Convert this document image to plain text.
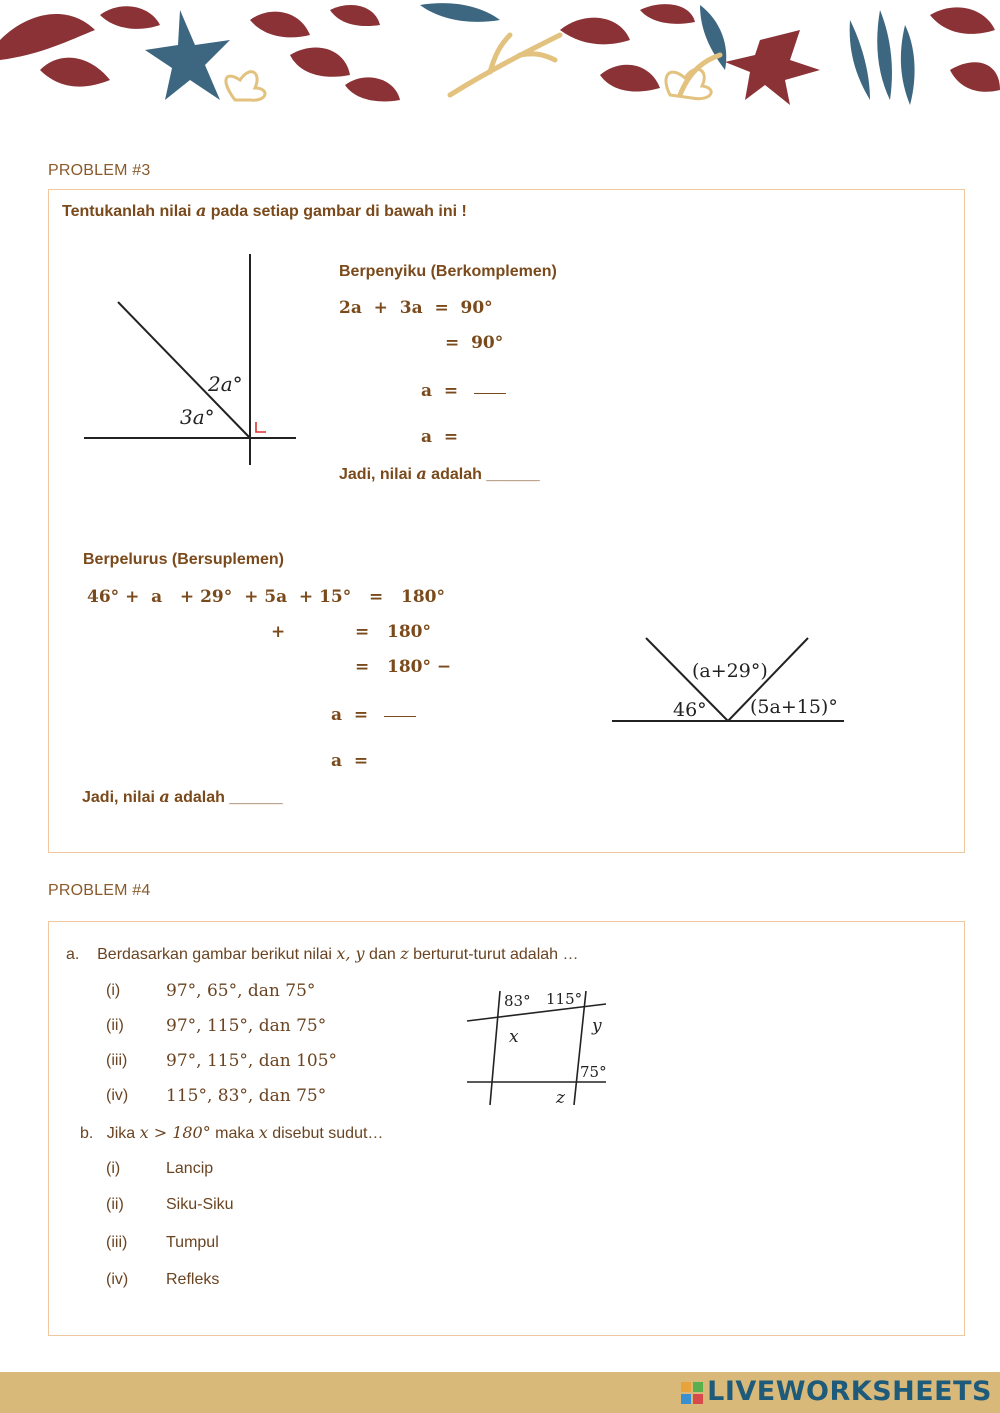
PROBLEM #3
Tentukanlah nilai a pada setiap gambar di bawah ini !
2a°
3a°
Berpenyiku (Berkomplemen)
2a  +  3a  =  90°
=  90°
a  =
a  =
Jadi, nilai a adalah ______
Berpelurus (Bersuplemen)
46° +  a   + 29°  + 5a  + 15°   =   180°
+	=   180°
=   180° −
a  =
a  =
Jadi, nilai a adalah ______
(a+29°)
46° (5a+15)°
PROBLEM #4
a. Berdasarkan gambar berikut nilai x, y dan z berturut-turut adalah …
(i)	97°, 65°, dan 75°
(ii) 97°, 115°, dan 75°
(iii) 97°, 115°, dan 105°
(iv) 115°, 83°, dan 75°
83° 115°
x
y
75°
z
b. Jika x > 180° maka x disebut sudut…
(i)	Lancip
(ii)	Siku-Siku
(iii) Tumpul
(iv) Refleks
LIVEWORKSHEETS
